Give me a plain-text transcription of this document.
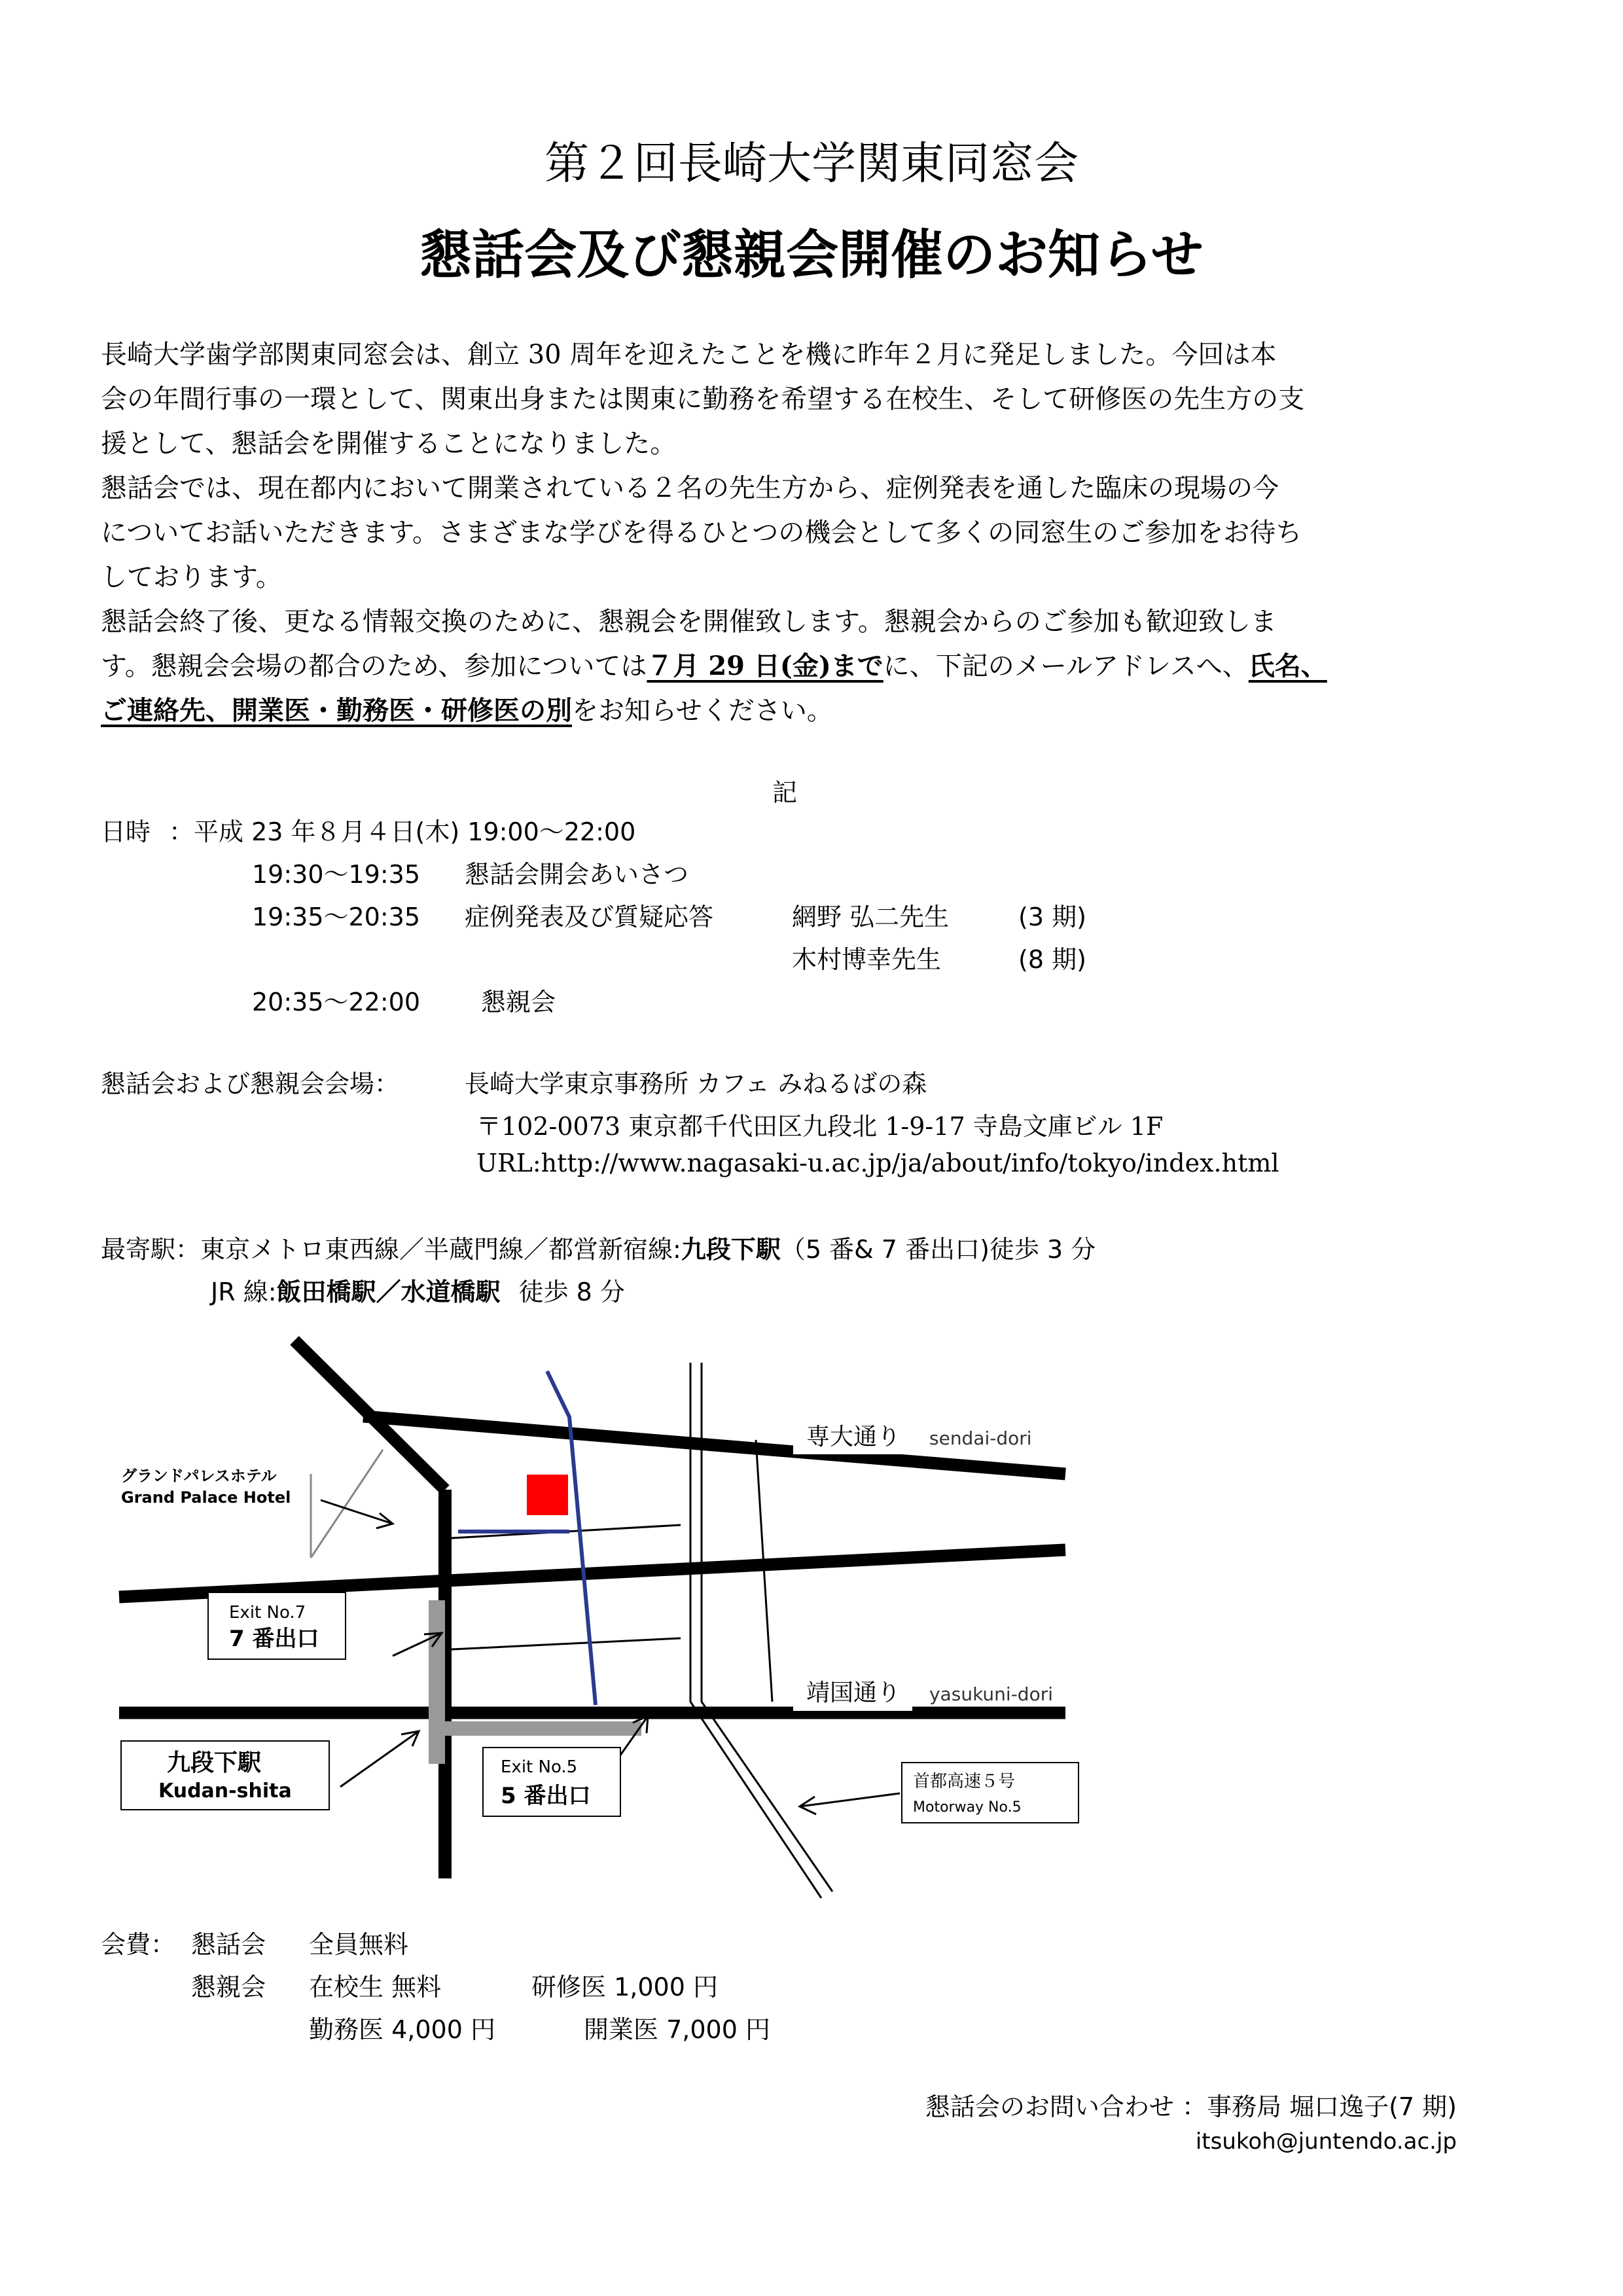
第２回長崎大学関東同窓会
懇話会及び懇親会開催のお知らせ
長崎大学歯学部関東同窓会は、創立 30 周年を迎えたことを機に昨年２月に発足しました。今回は本
会の年間行事の一環として、関東出身または関東に勤務を希望する在校生、そして研修医の先生方の支
援として、懇話会を開催することになりました。
懇話会では、現在都内において開業されている２名の先生方から、症例発表を通した臨床の現場の今
についてお話いただきます。さまざまな学びを得るひとつの機会として多くの同窓生のご参加をお待ち
しております。
懇話会終了後、更なる情報交換のために、懇親会を開催致します。懇親会からのご参加も歓迎致しま
す。懇親会会場の都合のため、参加については７月 29 日(金)までに、下記のメールアドレスへ、氏名、
ご連絡先、開業医・勤務医・研修医の別をお知らせください。
記
日時 ：平成 23 年８月４日(木) 19:00～22:00
19:30～19:35 懇話会開会あいさつ
19:35～20:35 症例発表及び質疑応答	網野 弘二先生	(3 期)
木村博幸先生	(8 期)
20:35～22:00 懇親会
懇話会および懇親会会場：	長崎大学東京事務所 カフェ みねるばの森
〒102-0073 東京都千代田区九段北 1-9-17 寺島文庫ビル 1F
URL:http://www.nagasaki-u.ac.jp/ja/about/info/tokyo/index.html
最寄駅：東京メトロ東西線／半蔵門線／都営新宿線:九段下駅（5 番& 7 番出口)徒歩 3 分
JR 線:飯田橋駅／水道橋駅 徒歩 8 分
専大通り sendai-dori
靖国通り yasukuni-dori
グランドパレスホテル
Grand Palace Hotel
Exit No.7
7 番出口
九段下駅
Kudan-shita
Exit No.5
5 番出口
首都高速５号
Motorway No.5
会費： 懇話会 全員無料
懇親会 在校生 無料	研修医 1,000 円
勤務医 4,000 円	開業医 7,000 円
懇話会のお問い合わせ ：事務局 堀口逸子(7 期)
itsukoh@juntendo.ac.jp
